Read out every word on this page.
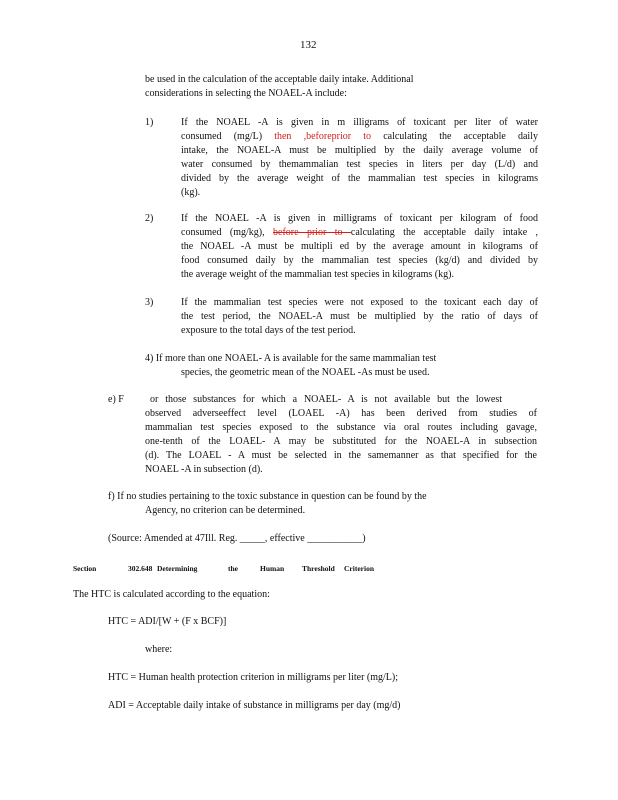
132
be used in the calculation of the acceptable daily intake. Additional
considerations in selecting the NOAEL-A include:
1)	If the NOAEL -A is given in m illigrams of toxicant per liter of water
consumed (mg/L) then ,beforeprior to calculating the acceptable daily
intake, the NOAEL-A must be multiplied by the daily average volume of
water consumed by themammalian test species in liters per day (L/d) and
divided by the average weight of the mammalian test species in kilograms
(kg).
2)	If the NOAEL -A is given in milligrams of toxicant per kilogram of food
consumed (mg/kg), before prior to calculating the acceptable daily intake ,
the NOAEL -A must be multipli ed by the average amount in kilograms of
food consumed daily by the mammalian test species (kg/d) and divided by
the average weight of the mammalian test species in kilograms (kg).
3)	If the mammalian test species were not exposed to the toxicant each day of
the test period, the NOAEL-A must be multiplied by the ratio of days of
exposure to the total days of the test period.
4) If more than one NOAEL- A is available for the same mammalian test
species, the geometric mean of the NOAEL -As must be used.
e) F	or those substances for which a NOAEL- A is not available but the lowest
observed adverseeffect level (LOAEL -A) has been derived from studies of
mammalian test species exposed to the substance via oral routes including gavage,
one-tenth of the LOAEL- A may be substituted for the NOAEL-A in subsection
(d). The LOAEL - A must be selected in the samemanner as that specified for the
NOAEL -A in subsection (d).
f) If no studies pertaining to the toxic substance in question can be found by the
Agency, no criterion can be determined.
(Source: Amended at 47Ill. Reg. _____, effective ___________)
Section	302.648 Determining	the	Human Threshold Criterion
The HTC is calculated according to the equation:
HTC = ADI/[W + (F x BCF)]
where:
HTC = Human health protection criterion in milligrams per liter (mg/L);
ADI = Acceptable daily intake of substance in milligrams per day (mg/d)
